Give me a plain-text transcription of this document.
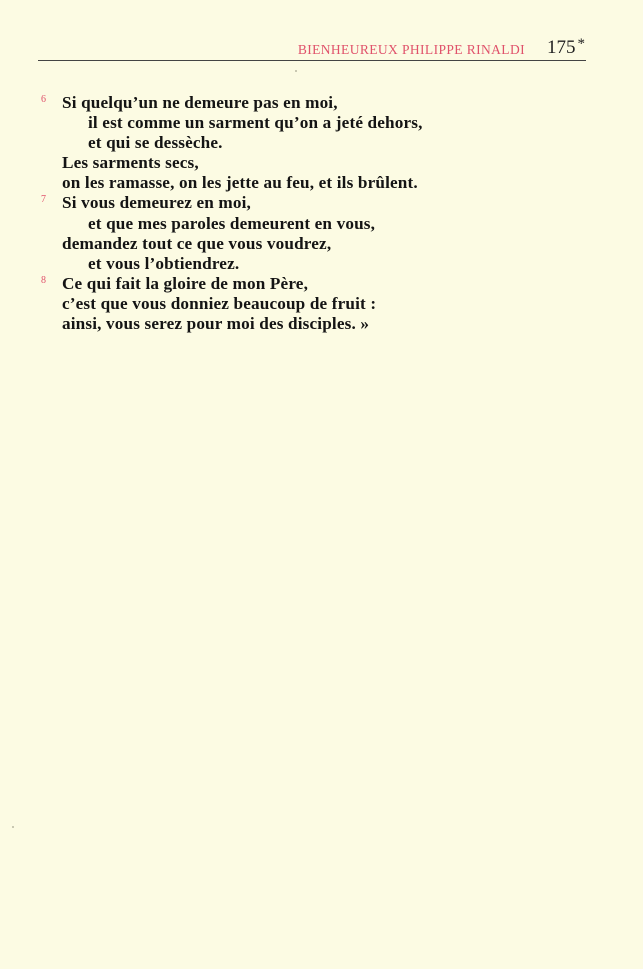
BIENHEUREUX PHILIPPE RINALDI 175 *
6 Si quelqu’un ne demeure pas en moi,
il est comme un sarment qu’on a jeté dehors,
et qui se dessèche.
Les sarments secs,
on les ramasse, on les jette au feu, et ils brûlent.
7 Si vous demeurez en moi,
et que mes paroles demeurent en vous,
demandez tout ce que vous voudrez,
et vous l’obtiendrez.
8 Ce qui fait la gloire de mon Père,
c’est que vous donniez beaucoup de fruit :
ainsi, vous serez pour moi des disciples. »
